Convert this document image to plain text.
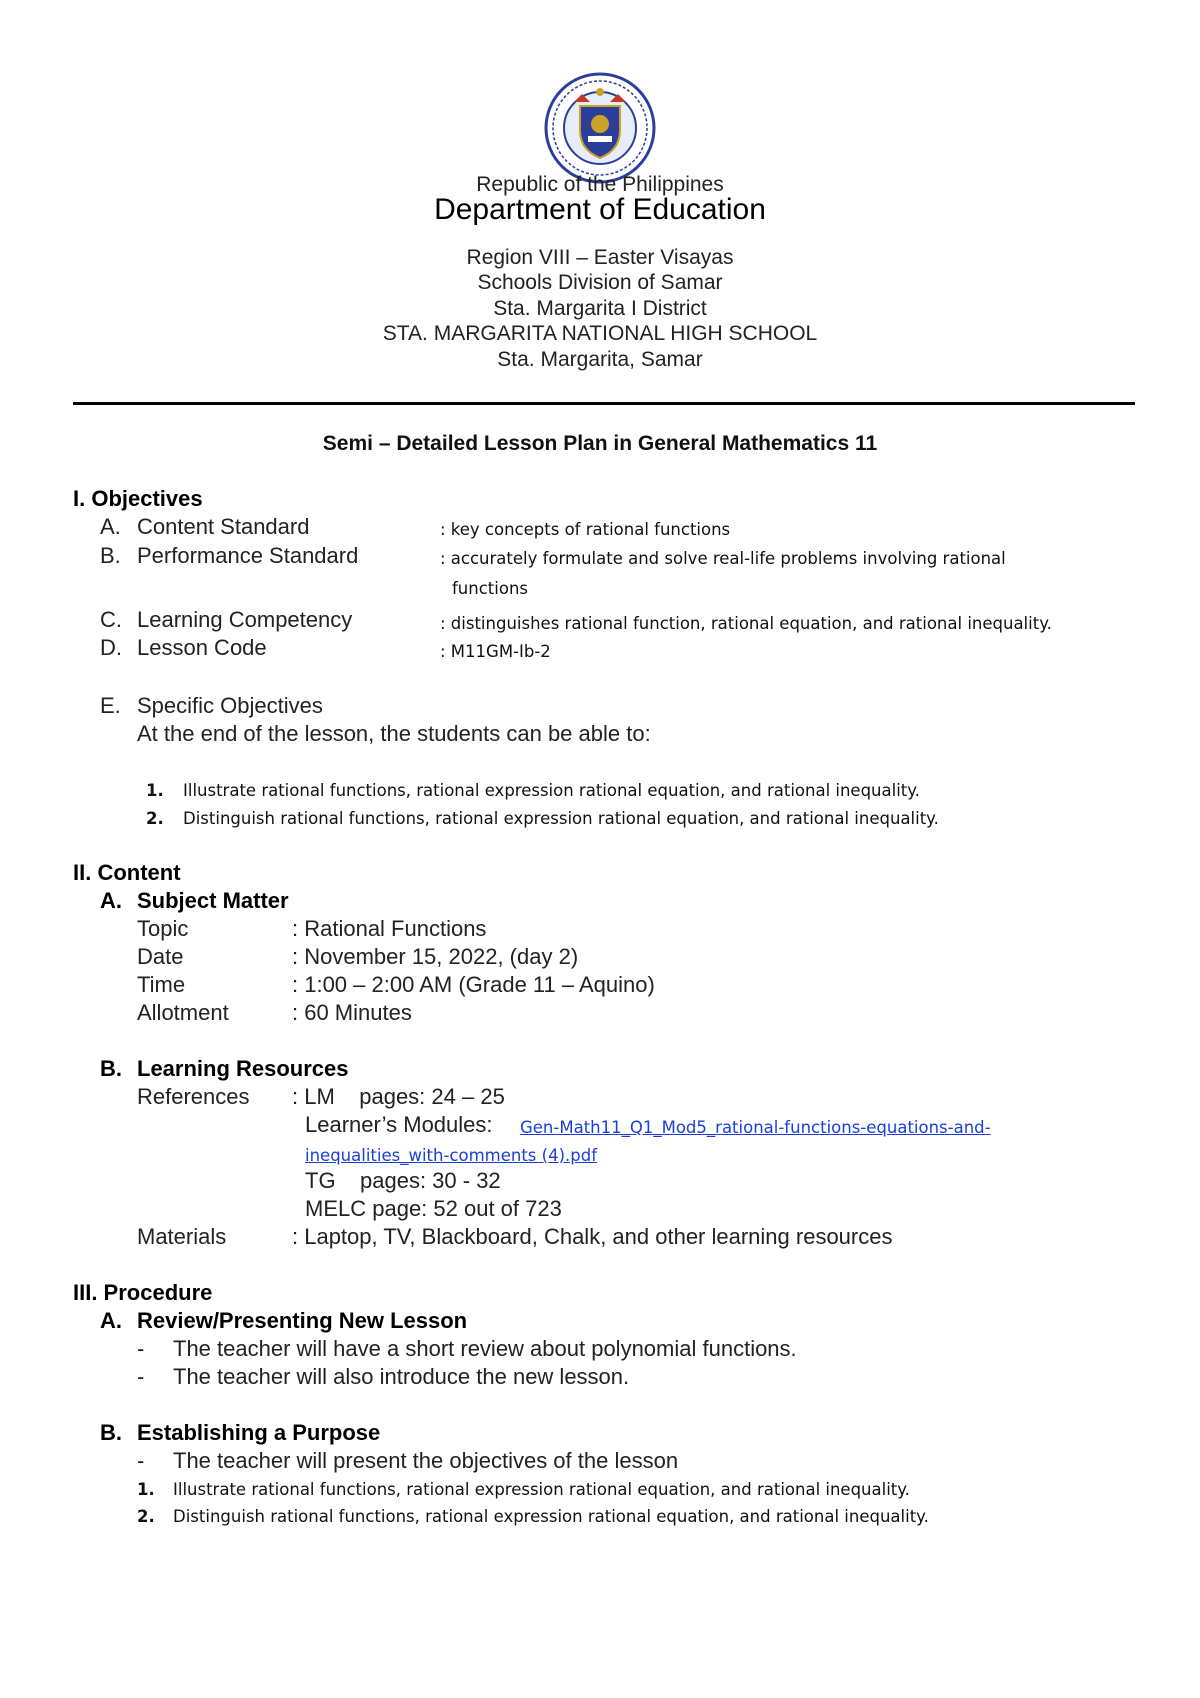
Republic of the Philippines
Department of Education
Region VIII – Easter Visayas
Schools Division of Samar
Sta. Margarita I District
STA. MARGARITA NATIONAL HIGH SCHOOL
Sta. Margarita, Samar
Semi – Detailed Lesson Plan in General Mathematics 11
I. Objectives
A. Content Standard	: key concepts of rational functions
B. Performance Standard	: accurately formulate and solve real-life problems involving rational
functions
C. Learning Competency	: distinguishes rational function, rational equation, and rational inequality.
D. Lesson Code	: M11GM-Ib-2
E. Specific Objectives
At the end of the lesson, the students can be able to:
1. Illustrate rational functions, rational expression rational equation, and rational inequality.
2. Distinguish rational functions, rational expression rational equation, and rational inequality.
II. Content
A. Subject Matter
Topic	: Rational Functions
Date	: November 15, 2022, (day 2)
Time	: 1:00 – 2:00 AM (Grade 11 – Aquino)
Allotment	: 60 Minutes
B. Learning Resources
References : LM    pages: 24 – 25
Learner’s Modules: Gen-Math11_Q1_Mod5_rational-functions-equations-and-
inequalities_with-comments (4).pdf
TG    pages: 30 - 32
MELC page: 52 out of 723
Materials	: Laptop, TV, Blackboard, Chalk, and other learning resources
III. Procedure
A. Review/Presenting New Lesson
- The teacher will have a short review about polynomial functions.
- The teacher will also introduce the new lesson.
B. Establishing a Purpose
- The teacher will present the objectives of the lesson
1. Illustrate rational functions, rational expression rational equation, and rational inequality.
2. Distinguish rational functions, rational expression rational equation, and rational inequality.
